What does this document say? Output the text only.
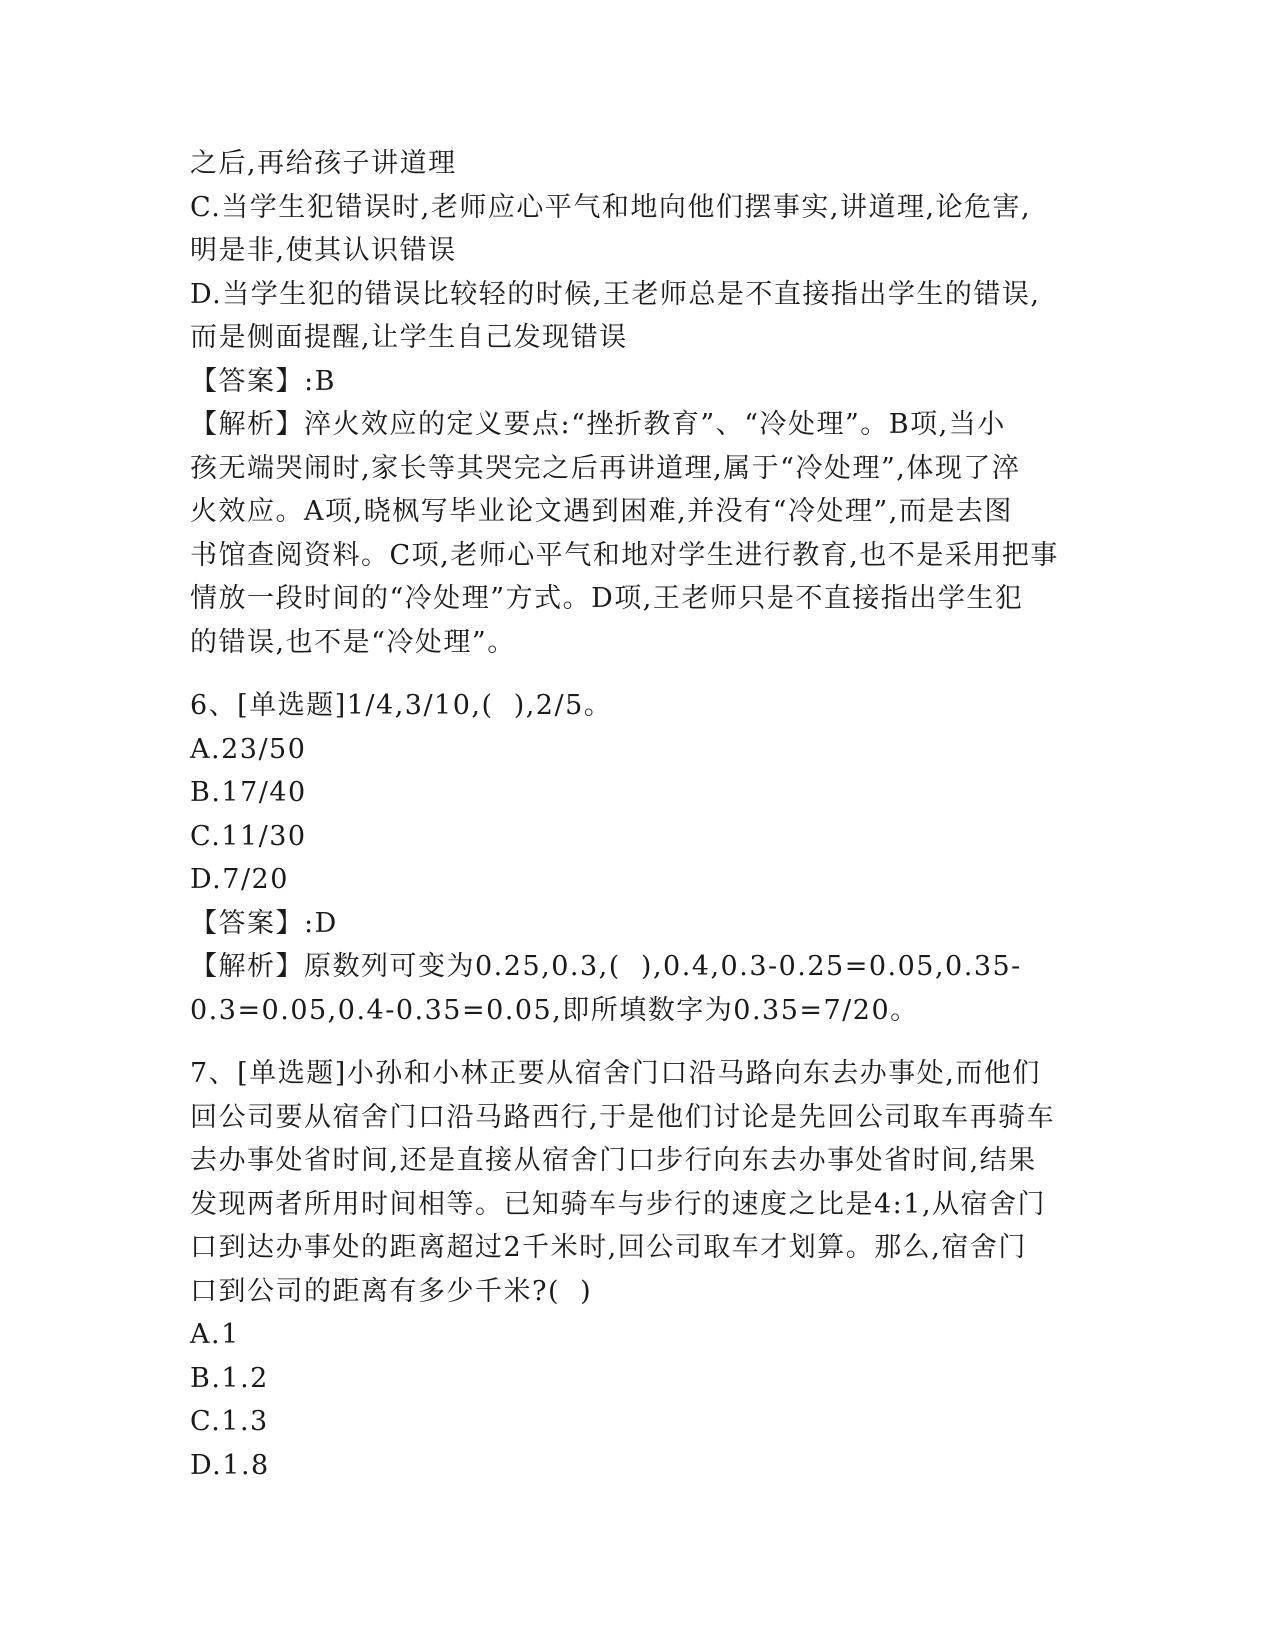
之后,再给孩子讲道理
C.当学生犯错误时,老师应心平气和地向他们摆事实,讲道理,论危害,
明是非,使其认识错误
D.当学生犯的错误比较轻的时候,王老师总是不直接指出学生的错误,
而是侧面提醒,让学生自己发现错误
【答案】:B
【解析】淬火效应的定义要点:“挫折教育”、“冷处理”。B项,当小
孩无端哭闹时,家长等其哭完之后再讲道理,属于“冷处理”,体现了淬
火效应。A项,晓枫写毕业论文遇到困难,并没有“冷处理”,而是去图
书馆查阅资料。C项,老师心平气和地对学生进行教育,也不是采用把事
情放一段时间的“冷处理”方式。D项,王老师只是不直接指出学生犯
的错误,也不是“冷处理”。
6、[单选题]1/4,3/10,(  ),2/5。
A.23/50
B.17/40
C.11/30
D.7/20
【答案】:D
【解析】原数列可变为0.25,0.3,(  ),0.4,0.3-0.25=0.05,0.35-
0.3=0.05,0.4-0.35=0.05,即所填数字为0.35=7/20。
7、[单选题]小孙和小林正要从宿舍门口沿马路向东去办事处,而他们
回公司要从宿舍门口沿马路西行,于是他们讨论是先回公司取车再骑车
去办事处省时间,还是直接从宿舍门口步行向东去办事处省时间,结果
发现两者所用时间相等。已知骑车与步行的速度之比是4:1,从宿舍门
口到达办事处的距离超过2千米时,回公司取车才划算。那么,宿舍门
口到公司的距离有多少千米?(  )
A.1
B.1.2
C.1.3
D.1.8
